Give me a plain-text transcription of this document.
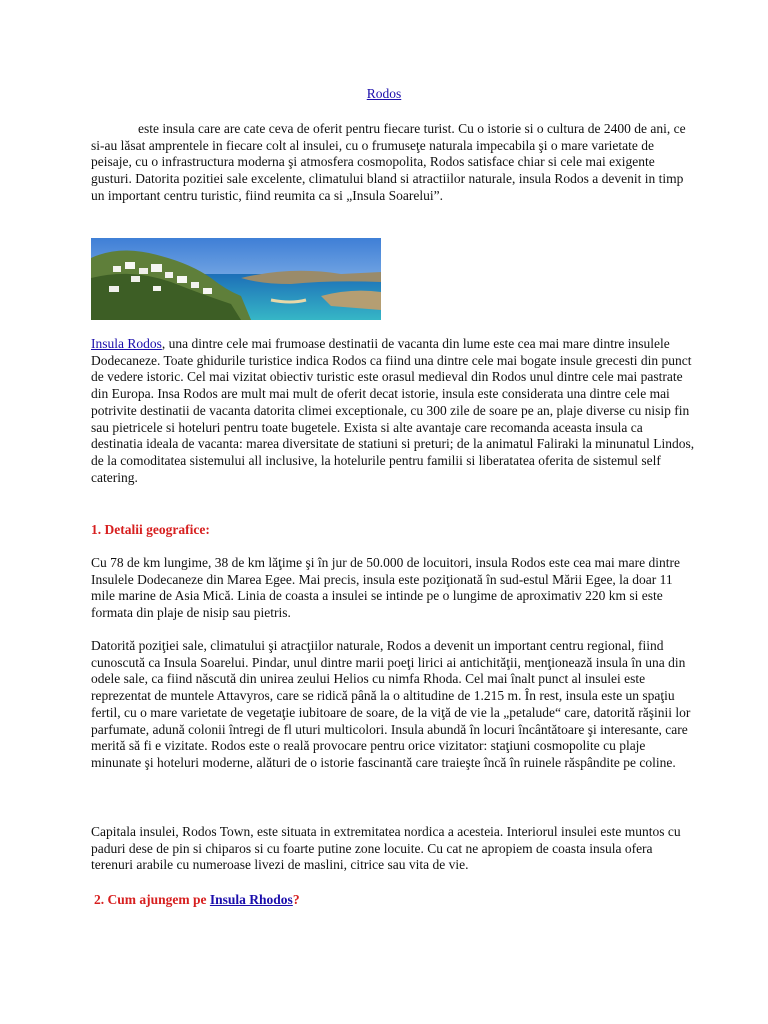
Rodos

este insula care are cate ceva de oferit pentru fiecare turist. Cu o istorie si o cultura de 2400 de ani, ce si-au lăsat amprentele in fiecare colt al insulei, cu o frumuseţe naturala impecabila şi o mare varietate de peisaje, cu o infrastructura moderna şi atmosfera cosmopolita, Rodos satisface chiar si cele mai exigente gusturi. Datorita pozitiei sale excelente, climatului bland si atractiilor naturale, insula Rodos a devenit in timp un important centru turistic, fiind reumita ca si „Insula Soarelui”.

Insula Rodos, una dintre cele mai frumoase destinatii de vacanta din lume este cea mai mare dintre insulele Dodecaneze. Toate ghidurile turistice indica Rodos ca fiind una dintre cele mai bogate insule grecesti din punct de vedere istoric. Cel mai vizitat obiectiv turistic este orasul medieval din Rodos unul dintre cele mai pastrate din Europa. Insa Rodos are mult mai mult de oferit decat istorie, insula este considerata una dintre cele mai potrivite destinatii de vacanta datorita climei exceptionale, cu 300 zile de soare pe an, plaje diverse cu nisip fin sau pietricele si hoteluri pentru toate bugetele. Exista si alte avantaje care recomanda aceasta insula ca destinatia ideala de vacanta: marea diversitate de statiuni si preturi; de la animatul Faliraki la minunatul Lindos, de la comoditatea sistemului all inclusive, la hotelurile pentru familii si liberatatea oferita de sistemul self catering.

1. Detalii geografice:

Cu 78 de km lungime, 38 de km lăţime şi în jur de 50.000 de locuitori, insula Rodos este cea mai mare dintre Insulele Dodecaneze din Marea Egee. Mai precis, insula este poziţionată în sud-estul Mării Egee, la doar 11 mile marine de Asia Mică. Linia de coasta a insulei se intinde pe o lungime de aproximativ 220 km si este formata din plaje de nisip sau pietris.

Datorită poziţiei sale, climatului şi atracţiilor naturale, Rodos a devenit un important centru regional, fiind cunoscută ca Insula Soarelui. Pindar, unul dintre marii poeţi lirici ai antichităţii, menţionează insula în una din odele sale, ca fiind născută din unirea zeului Helios cu nimfa Rhoda. Cel mai înalt punct al insulei este reprezentat de muntele Attavyros, care se ridică până la o altitudine de 1.215 m. În rest, insula este un spaţiu fertil, cu o mare varietate de vegetaţie iubitoare de soare, de la viţă de vie la „petalude“ care, datorită răşinii lor parfumate, adună colonii întregi de fl uturi multicolori. Insula abundă în locuri încântătoare şi interesante, care merită să fi e vizitate. Rodos este o reală provocare pentru orice vizitator: staţiuni cosmopolite cu plaje minunate şi hoteluri moderne, alături de o istorie fascinantă care traieşte încă în ruinele răspândite pe coline.

Capitala insulei, Rodos Town, este situata in extremitatea nordica a acesteia. Interiorul insulei este muntos cu paduri dese de pin si chiparos si cu foarte putine zone locuite. Cu cat ne apropiem de coasta insula ofera terenuri arabile cu numeroase livezi de maslini, citrice sau vita de vie.

2. Cum ajungem pe Insula Rhodos?
